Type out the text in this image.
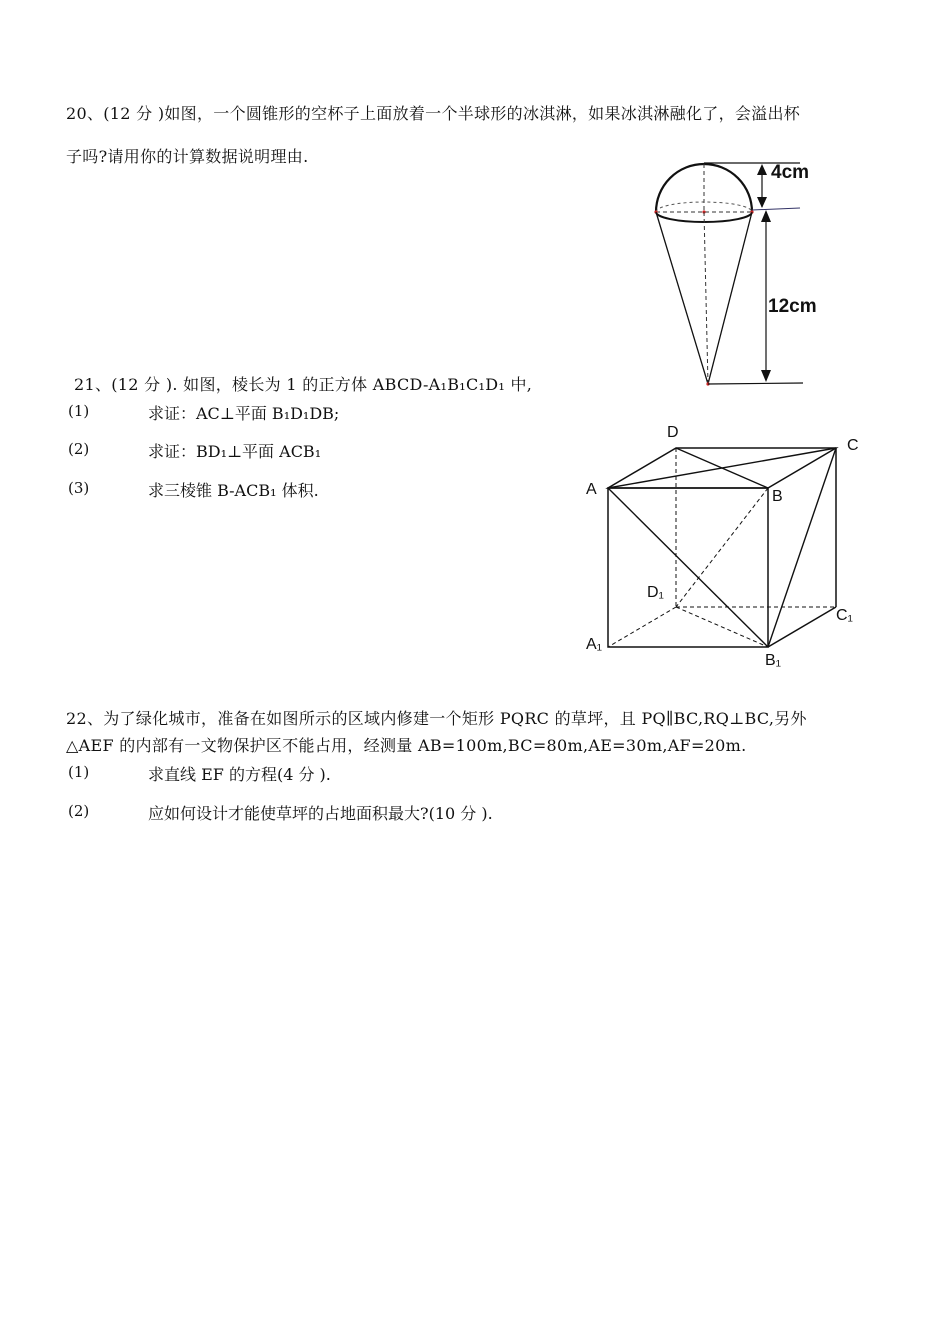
20、(12 分 )如图，一个圆锥形的空杯子上面放着一个半球形的冰淇淋，如果冰淇淋融化了，会溢出杯
子吗?请用你的计算数据说明理由.
4cm
12cm
21、(12 分 ). 如图，棱长为 1 的正方体 ABCD-A₁B₁C₁D₁ 中,
(1)	求证：AC⊥平面 B₁D₁DB;
(2)	求证：BD₁⊥平面 ACB₁
(3)	求三棱锥 B-ACB₁ 体积.
D
C
A	B
D₁
C₁
A₁
B₁
22、为了绿化城市，准备在如图所示的区域内修建一个矩形 PQRC 的草坪，且 PQ∥BC,RQ⊥BC,另外
△AEF 的内部有一文物保护区不能占用，经测量 AB=100m,BC=80m,AE=30m,AF=20m.
(1)	求直线 EF 的方程(4 分 ).
(2)	应如何设计才能使草坪的占地面积最大?(10 分 ).
